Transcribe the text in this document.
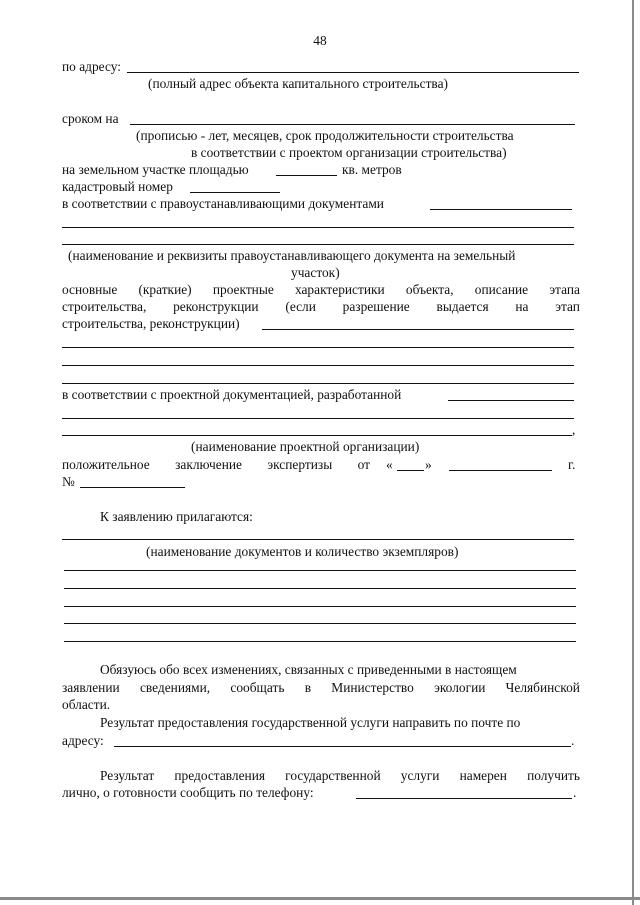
48
по адресу:
(полный адрес объекта капитального строительства)
сроком на
(прописью - лет, месяцев, срок продолжительности строительства
в соответствии с проектом организации строительства)
на земельном участке площадью	кв. метров
кадастровый номер
в соответствии с правоустанавливающими документами
(наименование и реквизиты правоустанавливающего документа на земельный
участок)
основные (краткие) проектные характеристики объекта, описание этапа
строительства, реконструкции (если разрешение выдается на этап
строительства, реконструкции)
в соответствии с проектной документацией, разработанной
,
(наименование проектной организации)
положительное заключение экспертизы от « »	г.
№
К заявлению прилагаются:
(наименование документов и количество экземпляров)
Обязуюсь обо всех изменениях, связанных с приведенными в настоящем
заявлении сведениями, сообщать в Министерство экологии Челябинской
области.
Результат предоставления государственной услуги направить по почте по
адресу:	.
Результат предоставления государственной услуги намерен получить
лично, о готовности сообщить по телефону:	.
